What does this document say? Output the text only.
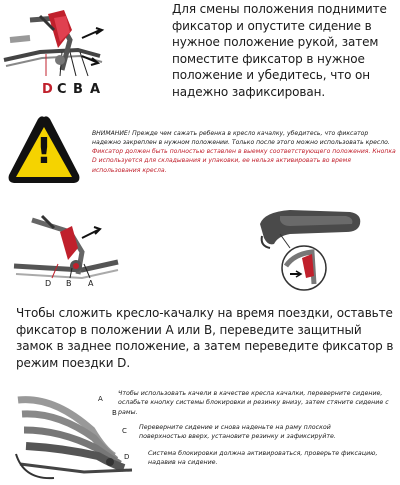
D C B A
Для смены положения поднимите фиксатор и опустите сидение в нужное положение рукой, затем поместите фиксатор в нужное положение и убедитесь, что он надежно зафиксирован.
!	ВНИМАНИЕ! Прежде чем сажать ребенка в кресло качалку, убедитесь, что фиксатор надежно закреплен в нужном положении. Только после этого можно использовать кресло. Фиксатор должен быть полностью вставлен в выемку соответствующего положения. Кнопка D используется для складывания и упаковки, ее нельзя активировать во время использования кресла.
D B A
Чтобы сложить кресло-качалку на время поездки, оставьте фиксатор в положении A или B, переведите защитный замок в заднее положение, а затем переведите фиксатор в режим поездки D.
A
B
C
D
Чтобы использовать качели в качестве кресла качалки, переверните сидение, ослабьте кнопку системы блокировки и резинку внизу, затем стяните сидение с рамы.
Переверните сидение и снова наденьте на раму плоской поверхностью вверх, установите резинку и зафиксируйте.
Система блокировки должна активироваться, проверьте фиксацию, надавив на сидение.
